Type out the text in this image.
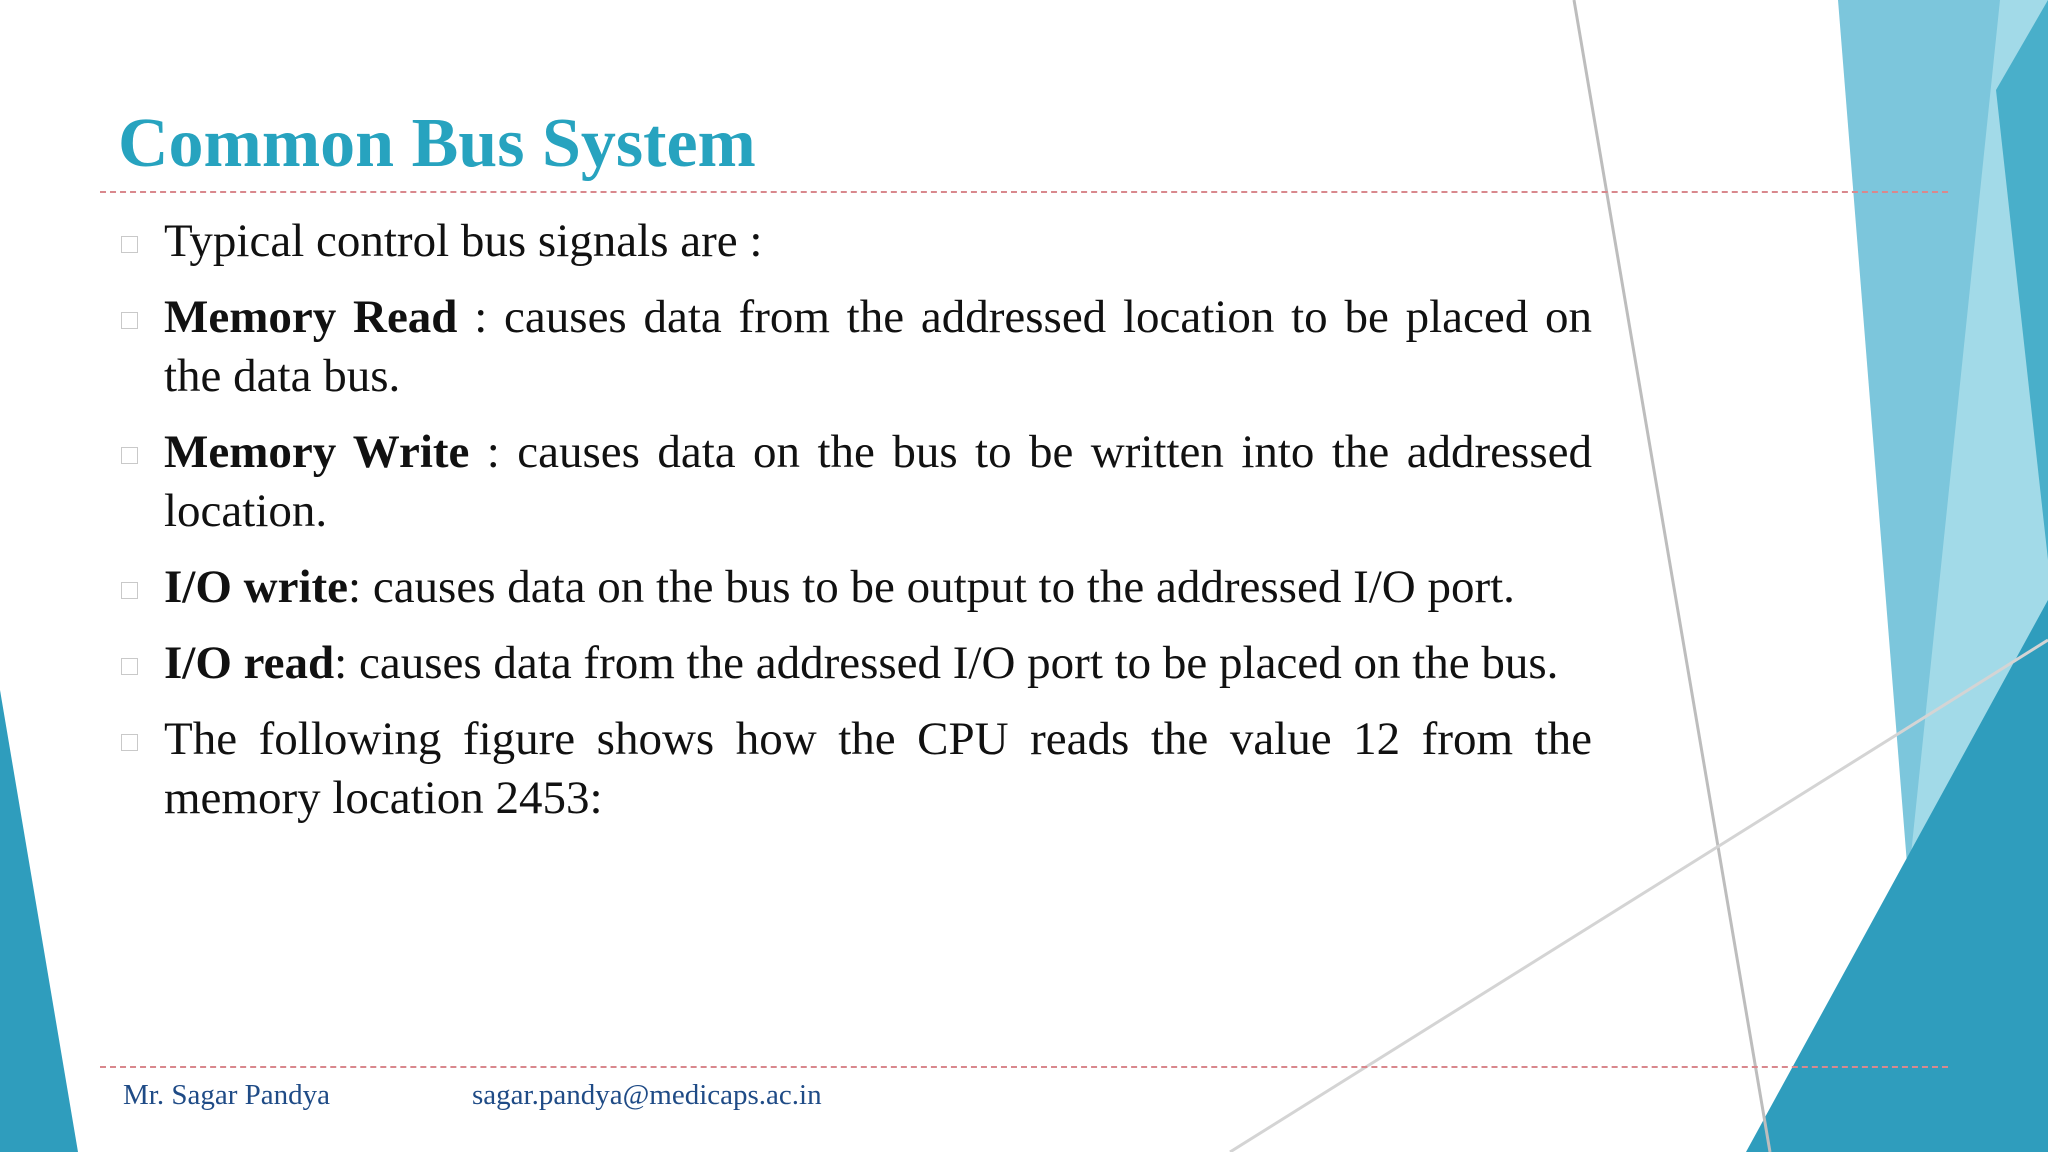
Common Bus System
Typical control bus signals are :
Memory Read : causes data from the addressed location to be placed on the data bus.
Memory Write : causes data on the bus to be written into the addressed location.
I/O write: causes data on the bus to be output to the addressed I/O port.
I/O read: causes data from the addressed I/O port to be placed on the bus.
The following figure shows how the CPU reads the value 12 from the memory location 2453:
Mr. Sagar Pandya	sagar.pandya@medicaps.ac.in
